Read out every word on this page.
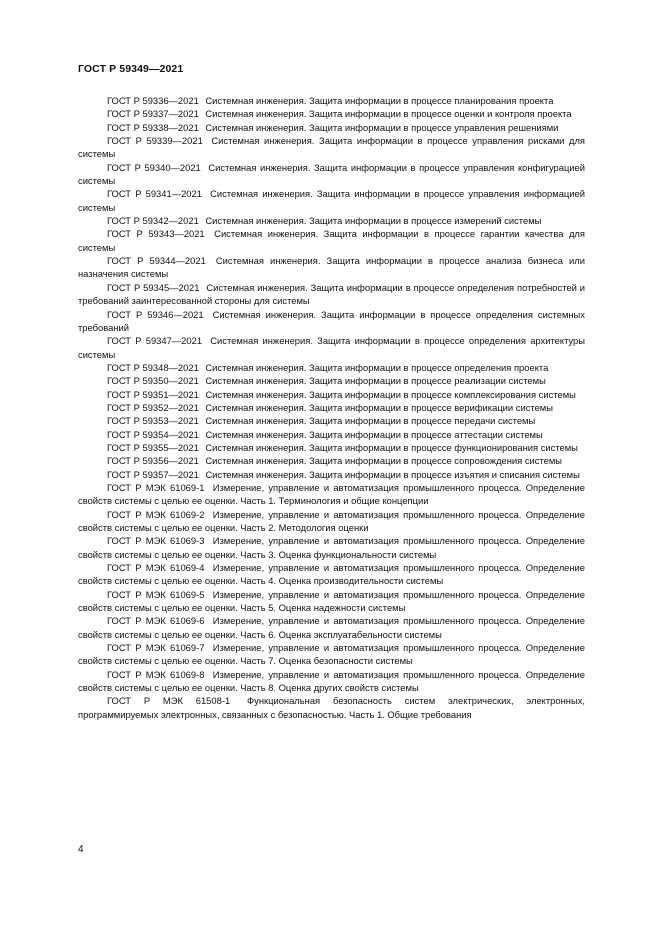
ГОСТ Р 59349—2021
ГОСТ Р 59336—2021 Системная инженерия. Защита информации в процессе планирования проекта
ГОСТ Р 59337—2021 Системная инженерия. Защита информации в процессе оценки и контроля проекта
ГОСТ Р 59338—2021 Системная инженерия. Защита информации в процессе управления решениями
ГОСТ Р 59339—2021 Системная инженерия. Защита информации в процессе управления рисками для системы
ГОСТ Р 59340—2021 Системная инженерия. Защита информации в процессе управления конфигурацией системы
ГОСТ Р 59341—2021 Системная инженерия. Защита информации в процессе управления информацией системы
ГОСТ Р 59342—2021 Системная инженерия. Защита информации в процессе измерений системы
ГОСТ Р 59343—2021 Системная инженерия. Защита информации в процессе гарантии качества для системы
ГОСТ Р 59344—2021 Системная инженерия. Защита информации в процессе анализа бизнеса или назначения системы
ГОСТ Р 59345—2021 Системная инженерия. Защита информации в процессе определения потребностей и требований заинтересованной стороны для системы
ГОСТ Р 59346—2021 Системная инженерия. Защита информации в процессе определения системных требований
ГОСТ Р 59347—2021 Системная инженерия. Защита информации в процессе определения архитектуры системы
ГОСТ Р 59348—2021 Системная инженерия. Защита информации в процессе определения проекта
ГОСТ Р 59350—2021 Системная инженерия. Защита информации в процессе реализации системы
ГОСТ Р 59351—2021 Системная инженерия. Защита информации в процессе комплексирования системы
ГОСТ Р 59352—2021 Системная инженерия. Защита информации в процессе верификации системы
ГОСТ Р 59353—2021 Системная инженерия. Защита информации в процессе передачи системы
ГОСТ Р 59354—2021 Системная инженерия. Защита информации в процессе аттестации системы
ГОСТ Р 59355—2021 Системная инженерия. Защита информации в процессе функционирования системы
ГОСТ Р 59356—2021 Системная инженерия. Защита информации в процессе сопровождения системы
ГОСТ Р 59357—2021 Системная инженерия. Защита информации в процессе изъятия и списания системы
ГОСТ Р МЭК 61069-1 Измерение, управление и автоматизация промышленного процесса. Определение свойств системы с целью ее оценки. Часть 1. Терминология и общие концепции
ГОСТ Р МЭК 61069-2 Измерение, управление и автоматизация промышленного процесса. Определение свойств системы с целью ее оценки. Часть 2. Методология оценки
ГОСТ Р МЭК 61069-3 Измерение, управление и автоматизация промышленного процесса. Определение свойств системы с целью ее оценки. Часть 3. Оценка функциональности системы
ГОСТ Р МЭК 61069-4 Измерение, управление и автоматизация промышленного процесса. Определение свойств системы с целью ее оценки. Часть 4. Оценка производительности системы
ГОСТ Р МЭК 61069-5 Измерение, управление и автоматизация промышленного процесса. Определение свойств системы с целью ее оценки. Часть 5. Оценка надежности системы
ГОСТ Р МЭК 61069-6 Измерение, управление и автоматизация промышленного процесса. Определение свойств системы с целью ее оценки. Часть 6. Оценка эксплуатабельности системы
ГОСТ Р МЭК 61069-7 Измерение, управление и автоматизация промышленного процесса. Определение свойств системы с целью ее оценки. Часть 7. Оценка безопасности системы
ГОСТ Р МЭК 61069-8 Измерение, управление и автоматизация промышленного процесса. Определение свойств системы с целью ее оценки. Часть 8. Оценка других свойств системы
ГОСТ Р МЭК 61508-1 Функциональная безопасность систем электрических, электронных, программируемых электронных, связанных с безопасностью. Часть 1. Общие требования
4
